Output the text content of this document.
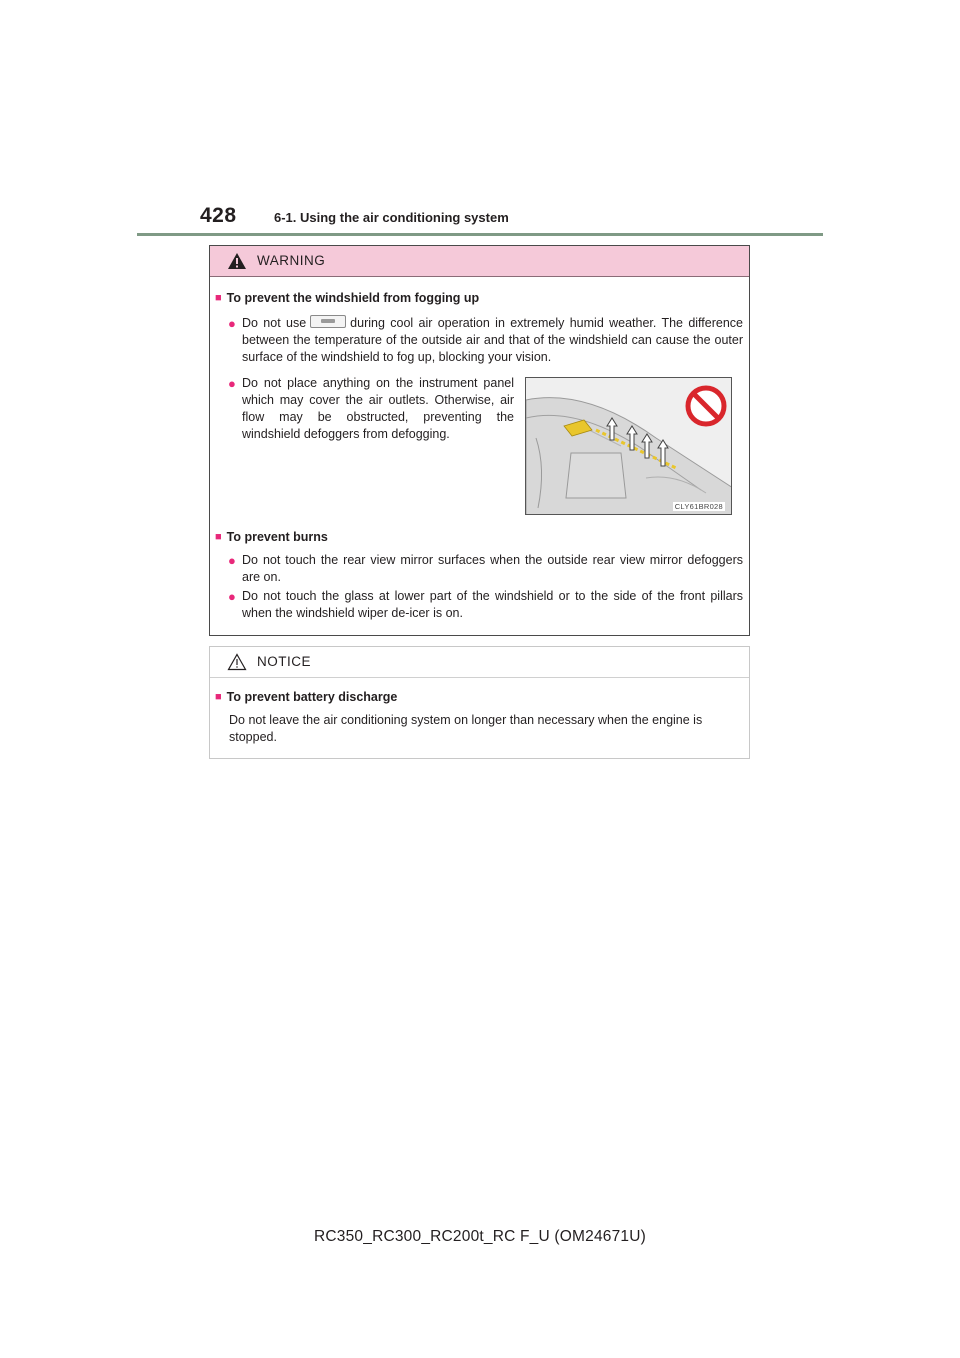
428	6-1. Using the air conditioning system
WARNING
■ To prevent the windshield from fogging up
● Do not use	during cool air operation in extremely humid weather. The difference between the temperature of the outside air and that of the windshield can cause the outer surface of the windshield to fog up, blocking your vision.
● Do not place anything on the instrument panel which may cover the air outlets. Otherwise, air flow may be obstructed, preventing the windshield defoggers from defogging.
CLY61BR028
■ To prevent burns
● Do not touch the rear view mirror surfaces when the outside rear view mirror defoggers are on.
● Do not touch the glass at lower part of the windshield or to the side of the front pillars when the windshield wiper de-icer is on.
NOTICE
■ To prevent battery discharge
Do not leave the air conditioning system on longer than necessary when the engine is stopped.
RC350_RC300_RC200t_RC F_U (OM24671U)
